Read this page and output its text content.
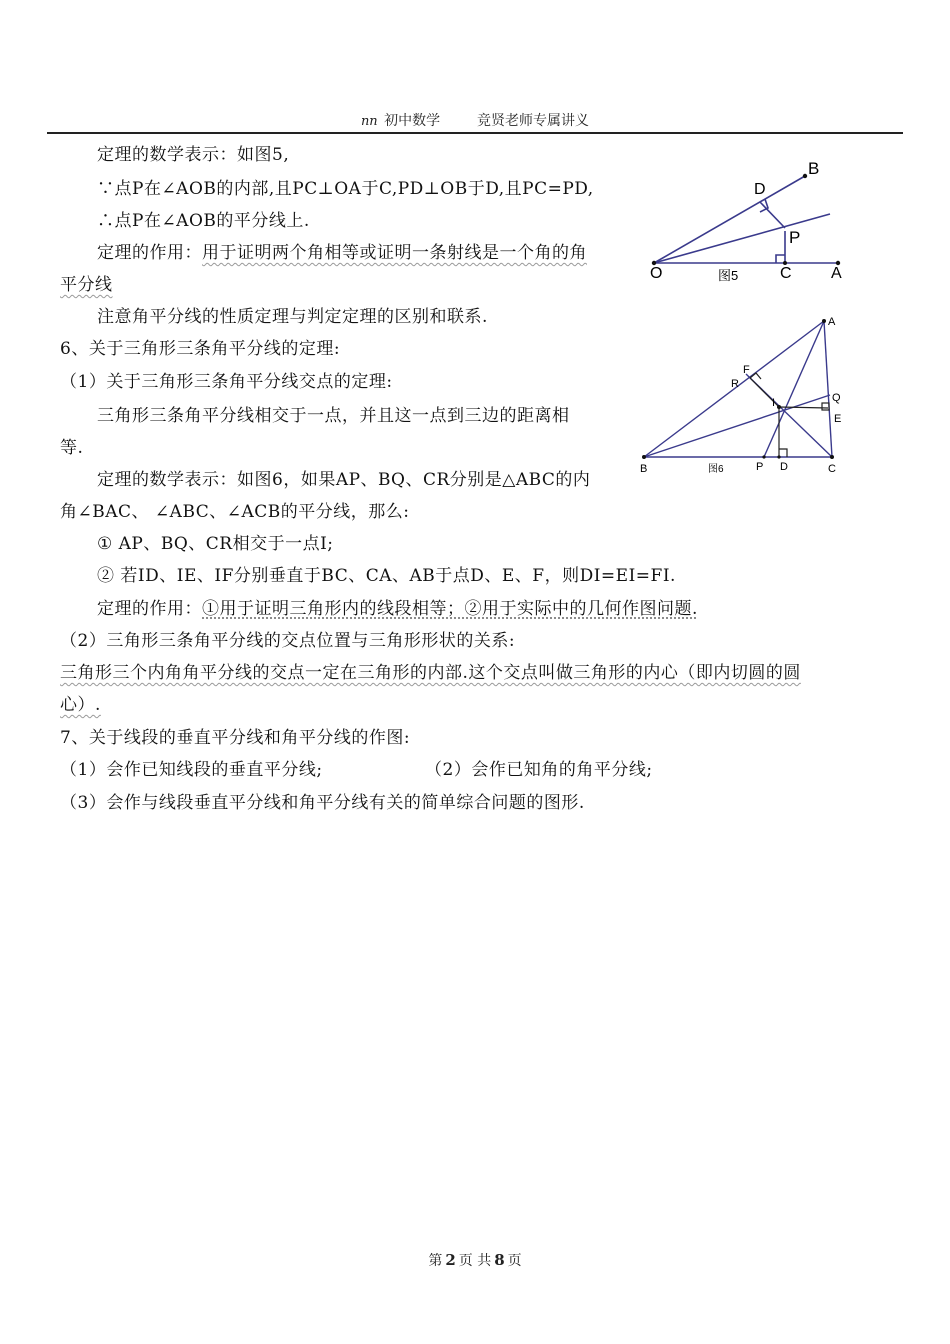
nn 初中数学	竞贤老师专属讲义
定理的数学表示：如图5,
∵点P在∠AOB的内部,且PC⊥OA于C,PD⊥OB于D,且PC=PD,
∴点P在∠AOB的平分线上.
定理的作用：用于证明两个角相等或证明一条射线是一个角的角
平分线
注意角平分线的性质定理与判定定理的区别和联系.
6、关于三角形三条角平分线的定理:
（1）关于三角形三条角平分线交点的定理:
三角形三条角平分线相交于一点，并且这一点到三边的距离相
等.
定理的数学表示：如图6，如果AP、BQ、CR分别是△ABC的内
角∠BAC、 ∠ABC、∠ACB的平分线，那么:
① AP、BQ、CR相交于一点I;
② 若ID、IE、IF分别垂直于BC、CA、AB于点D、E、F，则DI=EI=FI.
定理的作用：①用于证明三角形内的线段相等；②用于实际中的几何作图问题.
（2）三角形三条角平分线的交点位置与三角形形状的关系:
三角形三个内角角平分线的交点一定在三角形的内部.这个交点叫做三角形的内心（即内切圆的圆
心）.
7、关于线段的垂直平分线和角平分线的作图:
（1）会作已知线段的垂直平分线;	（2）会作已知角的角平分线;
（3）会作与线段垂直平分线和角平分线有关的简单综合问题的图形.
B
D
P
O	C A
图5
A
F
R
I	Q
E
B	图6	P D	C
第 2 页 共 8 页
